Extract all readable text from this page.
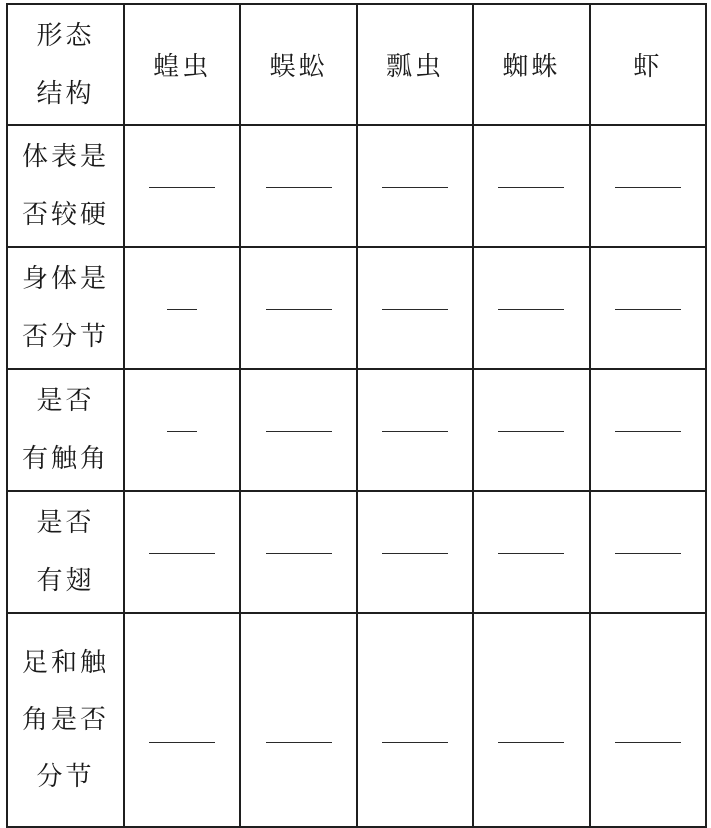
形态
结构	蝗虫	蜈蚣	瓢虫	蜘蛛	虾

体表是
否较硬					

身体是
否分节					

是否
有触角					

是否
有翅					

足和触
角是否
分节					
